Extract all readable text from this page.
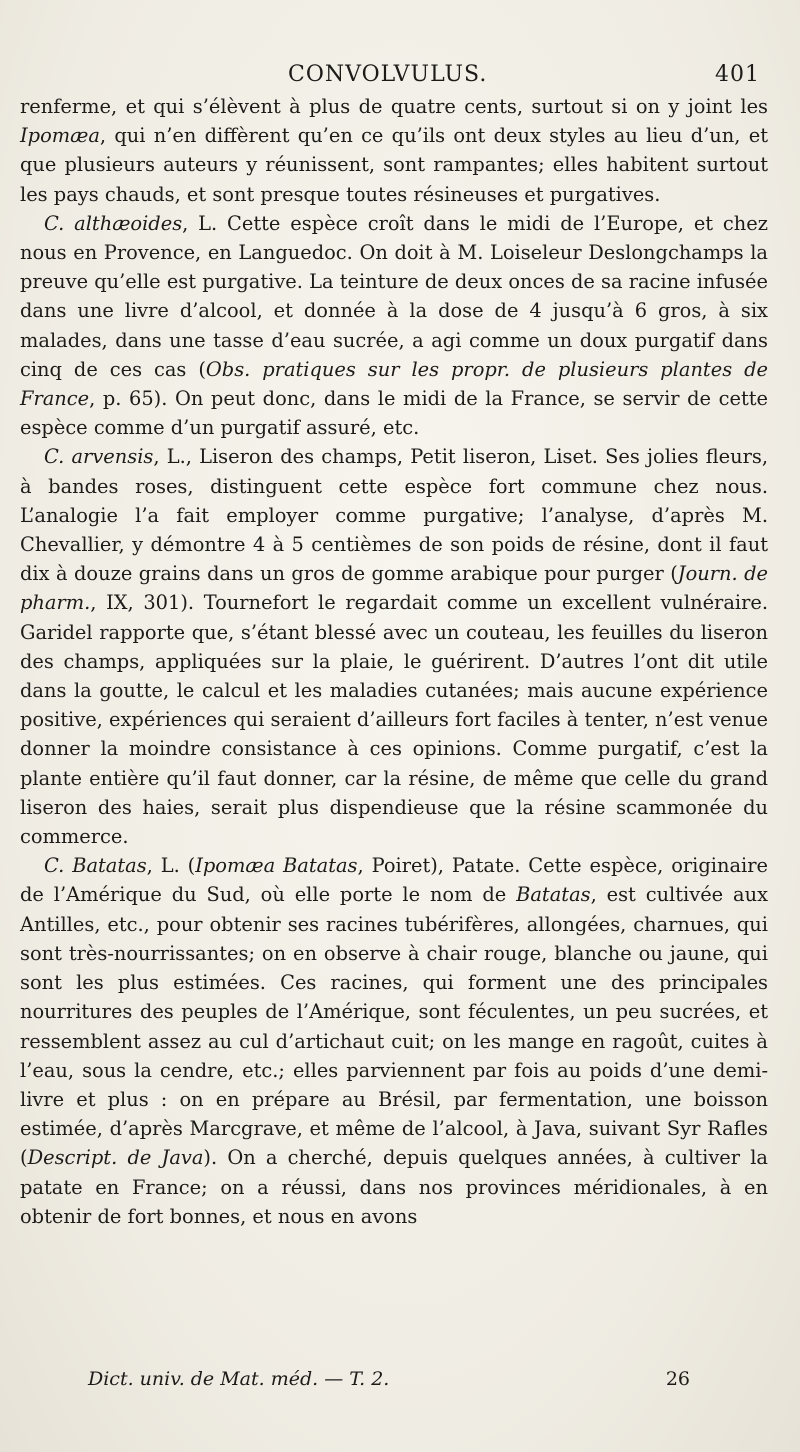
CONVOLVULUS.	401

renferme, et qui s’élèvent à plus de quatre cents, surtout si on y joint les Ipomæa, qui n’en diffèrent qu’en ce qu’ils ont deux styles au lieu d’un, et que plusieurs auteurs y réunissent, sont rampantes; elles habitent surtout les pays chauds, et sont presque toutes résineuses et purgatives.

C. althæoides, L. Cette espèce croît dans le midi de l’Europe, et chez nous en Provence, en Languedoc. On doit à M. Loiseleur Deslongchamps la preuve qu’elle est purgative. La teinture de deux onces de sa racine infusée dans une livre d’alcool, et donnée à la dose de 4 jusqu’à 6 gros, à six malades, dans une tasse d’eau sucrée, a agi comme un doux purgatif dans cinq de ces cas (Obs. pratiques sur les propr. de plusieurs plantes de France, p. 65). On peut donc, dans le midi de la France, se servir de cette espèce comme d’un purgatif assuré, etc.

C. arvensis, L., Liseron des champs, Petit liseron, Liset. Ses jolies fleurs, à bandes roses, distinguent cette espèce fort commune chez nous. L’analogie l’a fait employer comme purgative; l’analyse, d’après M. Chevallier, y démontre 4 à 5 centièmes de son poids de résine, dont il faut dix à douze grains dans un gros de gomme arabique pour purger (Journ. de pharm., IX, 301). Tournefort le regardait comme un excellent vulnéraire. Garidel rapporte que, s’étant blessé avec un couteau, les feuilles du liseron des champs, appliquées sur la plaie, le guérirent. D’autres l’ont dit utile dans la goutte, le calcul et les maladies cutanées; mais aucune expérience positive, expériences qui seraient d’ailleurs fort faciles à tenter, n’est venue donner la moindre consistance à ces opinions. Comme purgatif, c’est la plante entière qu’il faut donner, car la résine, de même que celle du grand liseron des haies, serait plus dispendieuse que la résine scammonée du commerce.

C. Batatas, L. (Ipomæa Batatas, Poiret), Patate. Cette espèce, originaire de l’Amérique du Sud, où elle porte le nom de Batatas, est cultivée aux Antilles, etc., pour obtenir ses racines tubérifères, allongées, charnues, qui sont très-nourrissantes; on en observe à chair rouge, blanche ou jaune, qui sont les plus estimées. Ces racines, qui forment une des principales nourritures des peuples de l’Amérique, sont féculentes, un peu sucrées, et ressemblent assez au cul d’artichaut cuit; on les mange en ragoût, cuites à l’eau, sous la cendre, etc.; elles parviennent par fois au poids d’une demi-livre et plus : on en prépare au Brésil, par fermentation, une boisson estimée, d’après Marcgrave, et même de l’alcool, à Java, suivant Syr Rafles (Descript. de Java). On a cherché, depuis quelques années, à cultiver la patate en France; on a réussi, dans nos provinces méridionales, à en obtenir de fort bonnes, et nous en avons

Dict. univ. de Mat. méd. — T. 2.	26
